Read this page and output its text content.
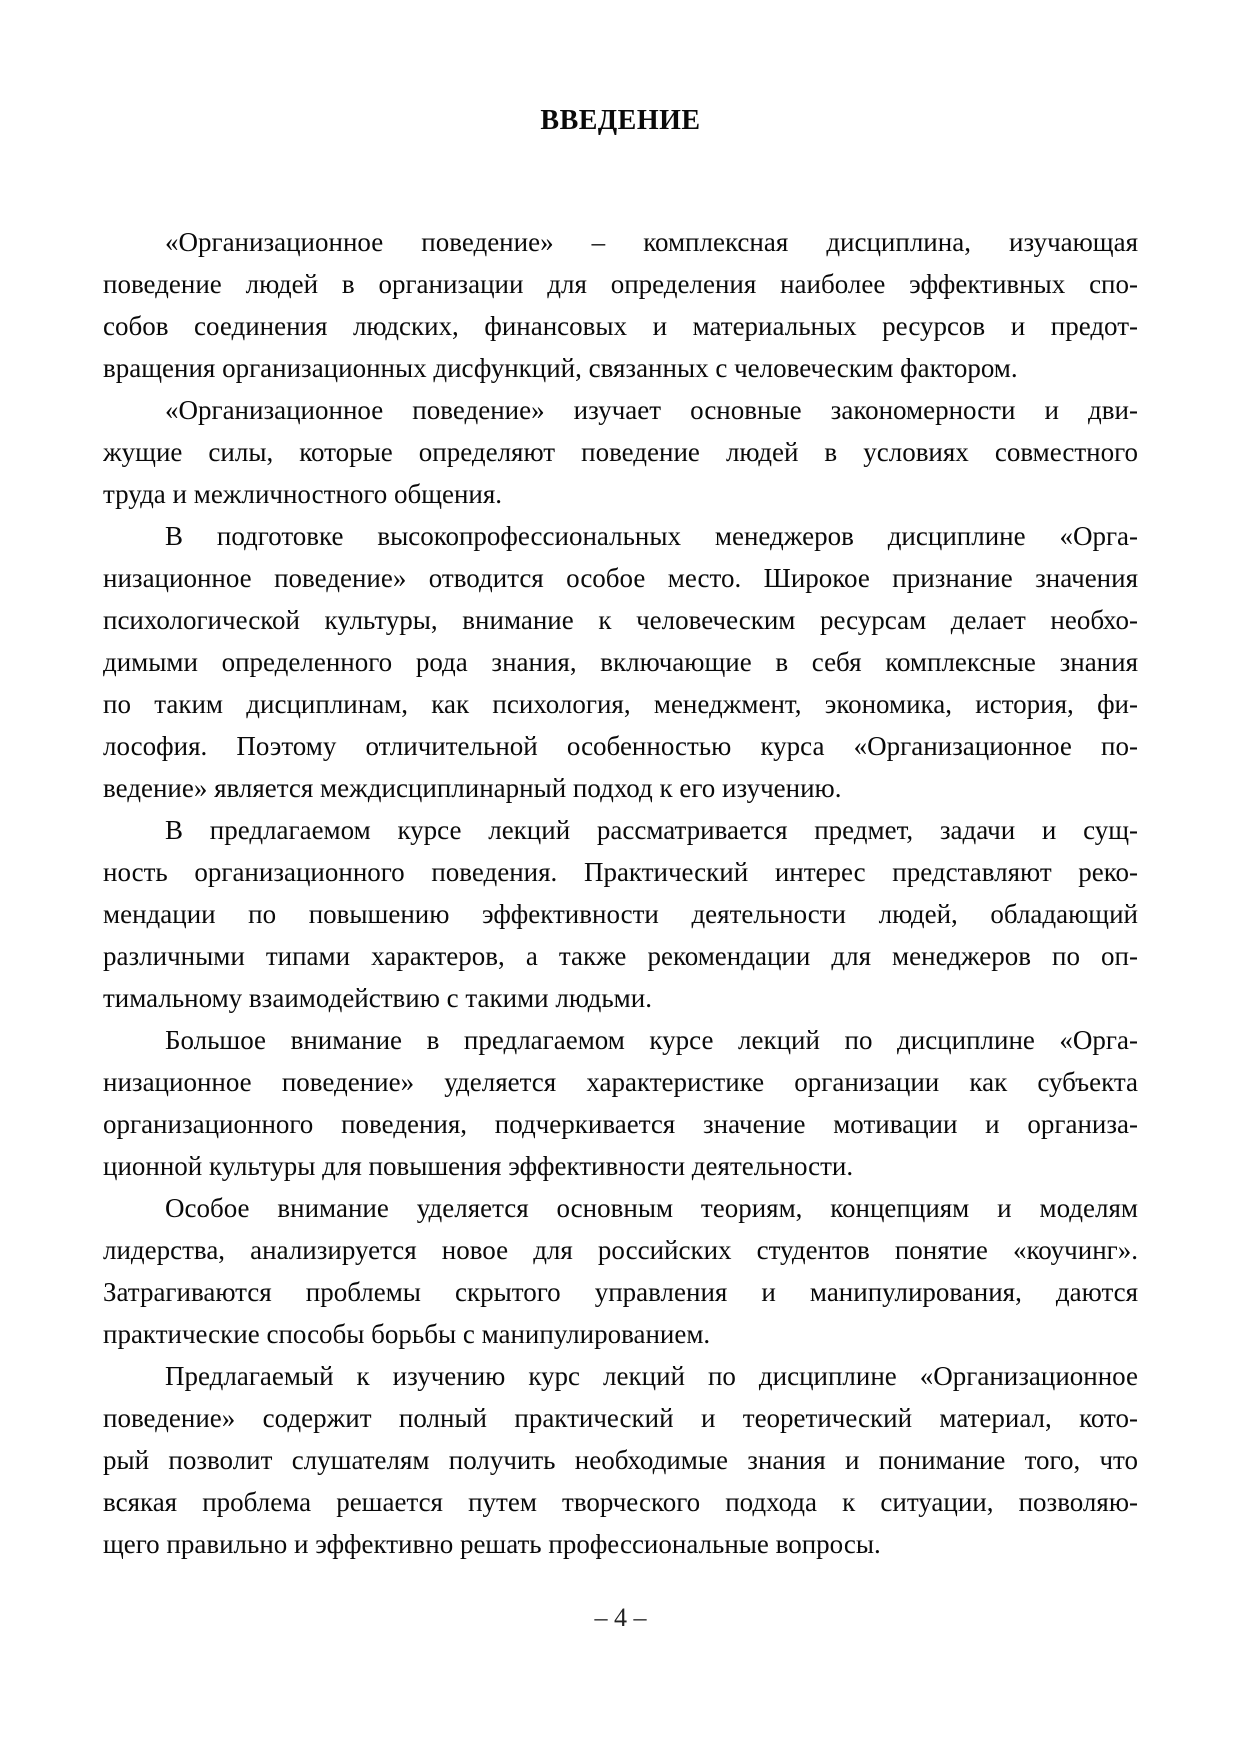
ВВЕДЕНИЕ
«Организационное поведение» – комплексная дисциплина, изучающая
поведение людей в организации для определения наиболее эффективных спо-
собов соединения людских, финансовых и материальных ресурсов и предот-
вращения организационных дисфункций, связанных с человеческим фактором.
«Организационное поведение» изучает основные закономерности и дви-
жущие силы, которые определяют поведение людей в условиях совместного
труда и межличностного общения.
В подготовке высокопрофессиональных менеджеров дисциплине «Орга-
низационное поведение» отводится особое место. Широкое признание значения
психологической культуры, внимание к человеческим ресурсам делает необхо-
димыми определенного рода знания, включающие в себя комплексные знания
по таким дисциплинам, как психология, менеджмент, экономика, история, фи-
лософия. Поэтому отличительной особенностью курса «Организационное по-
ведение» является междисциплинарный подход к его изучению.
В предлагаемом курсе лекций рассматривается предмет, задачи и сущ-
ность организационного поведения. Практический интерес представляют реко-
мендации по повышению эффективности деятельности людей, обладающий
различными типами характеров, а также рекомендации для менеджеров по оп-
тимальному взаимодействию с такими людьми.
Большое внимание в предлагаемом курсе лекций по дисциплине «Орга-
низационное поведение» уделяется характеристике организации как субъекта
организационного поведения, подчеркивается значение мотивации и организа-
ционной культуры для повышения эффективности деятельности.
Особое внимание уделяется основным теориям, концепциям и моделям
лидерства, анализируется новое для российских студентов понятие «коучинг».
Затрагиваются проблемы скрытого управления и манипулирования, даются
практические способы борьбы с манипулированием.
Предлагаемый к изучению курс лекций по дисциплине «Организационное
поведение» содержит полный практический и теоретический материал, кото-
рый позволит слушателям получить необходимые знания и понимание того, что
всякая проблема решается путем творческого подхода к ситуации, позволяю-
щего правильно и эффективно решать профессиональные вопросы.
– 4 –
